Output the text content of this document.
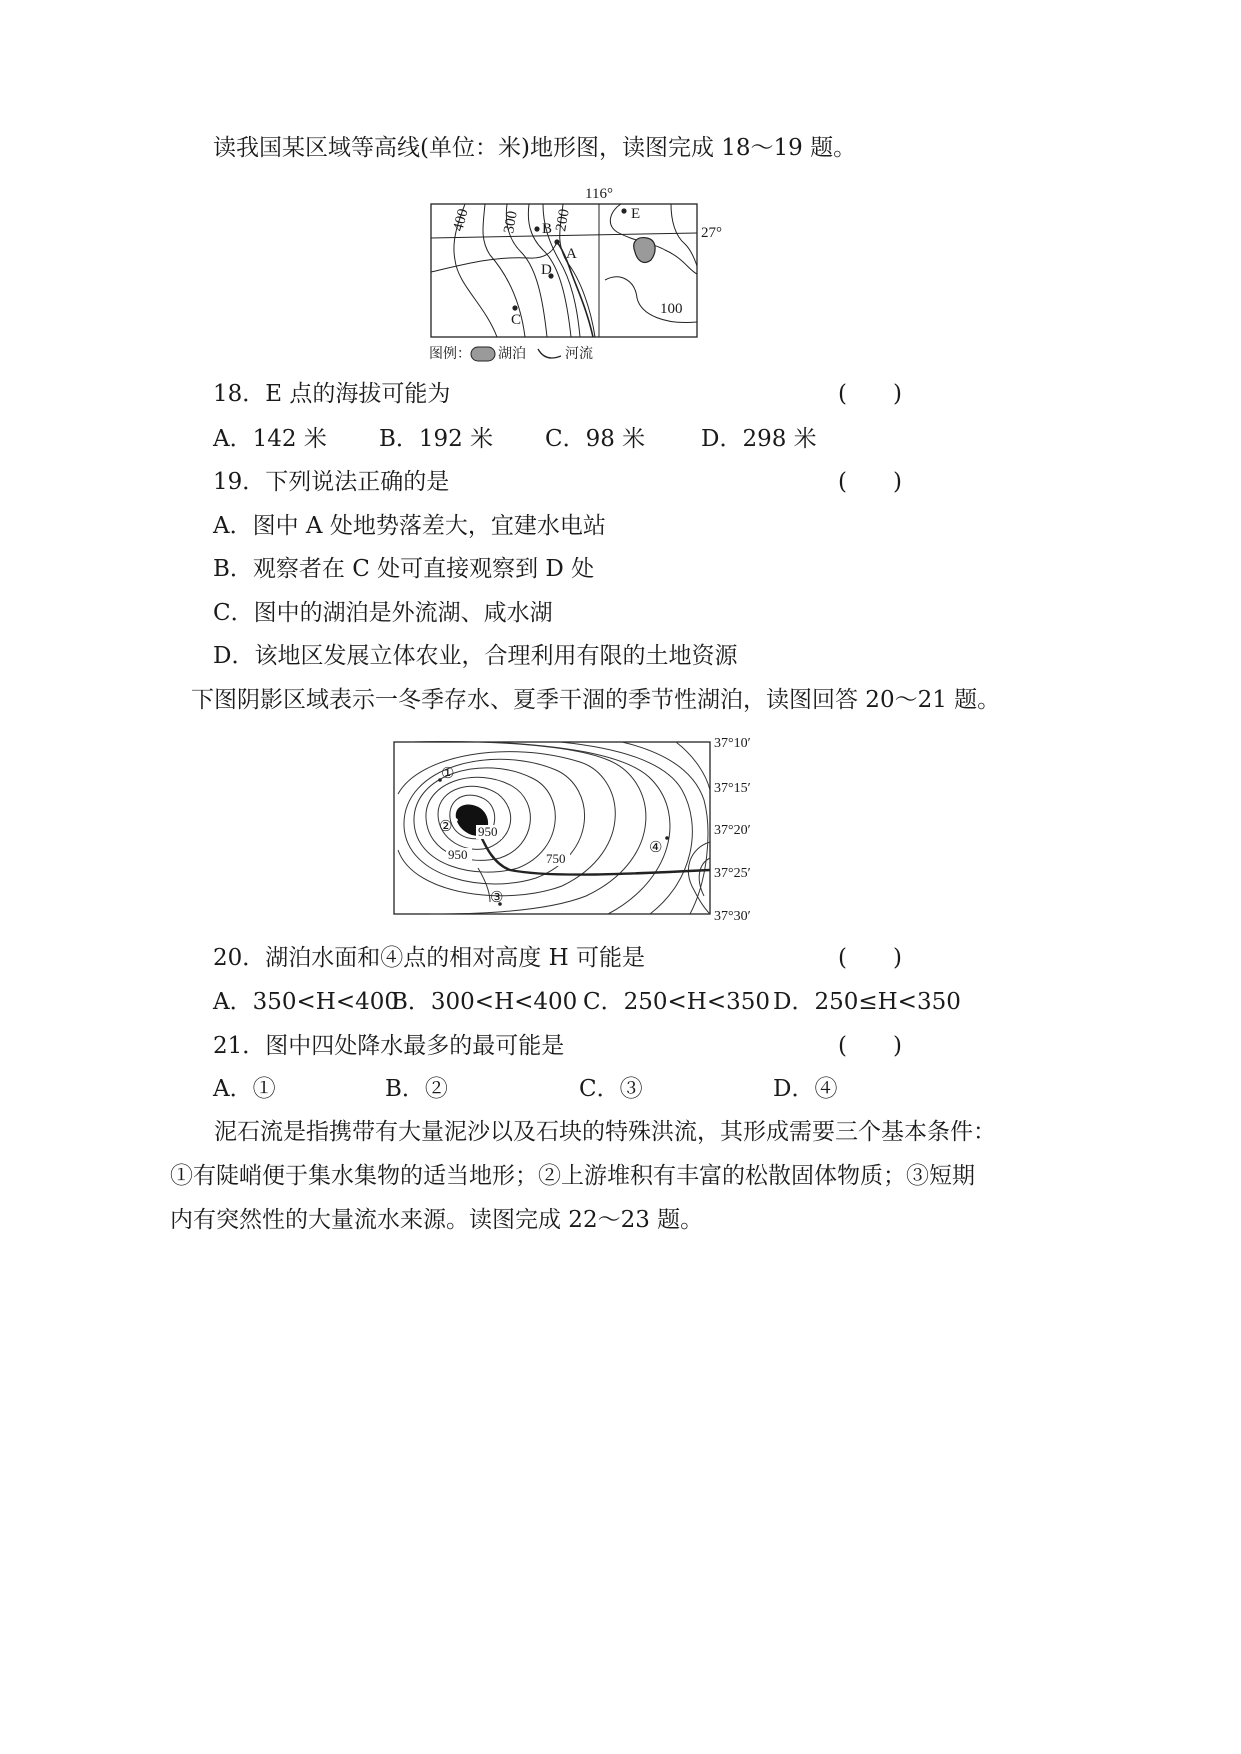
读我国某区域等高线(单位：米)地形图，读图完成 18～19 题。
116°
27°
400 300 200
100
B
A
D
C
E
图例： 湖泊	河流
18．E 点的海拔可能为	(　　)
A．142 米 B．192 米 C．98 米 D．298 米
19．下列说法正确的是	(　　)
A．图中 A 处地势落差大，宜建水电站
B．观察者在 C 处可直接观察到 D 处
C．图中的湖泊是外流湖、咸水湖
D．该地区发展立体农业，合理利用有限的土地资源
下图阴影区域表示一冬季存水、夏季干涸的季节性湖泊，读图回答 20～21 题。
37°10′
37°15′
37°20′
37°25′
37°30′
950
950	750
①
②
③
④
20．湖泊水面和④点的相对高度 H 可能是	(　　)
A．350<H<400
B．300<H<400 C．250<H<350 D．250≤H<350
21．图中四处降水最多的最可能是	(　　)
A．①	B．②	C．③	D．④
泥石流是指携带有大量泥沙以及石块的特殊洪流，其形成需要三个基本条件：
①有陡峭便于集水集物的适当地形；②上游堆积有丰富的松散固体物质；③短期
内有突然性的大量流水来源。读图完成 22～23 题。
